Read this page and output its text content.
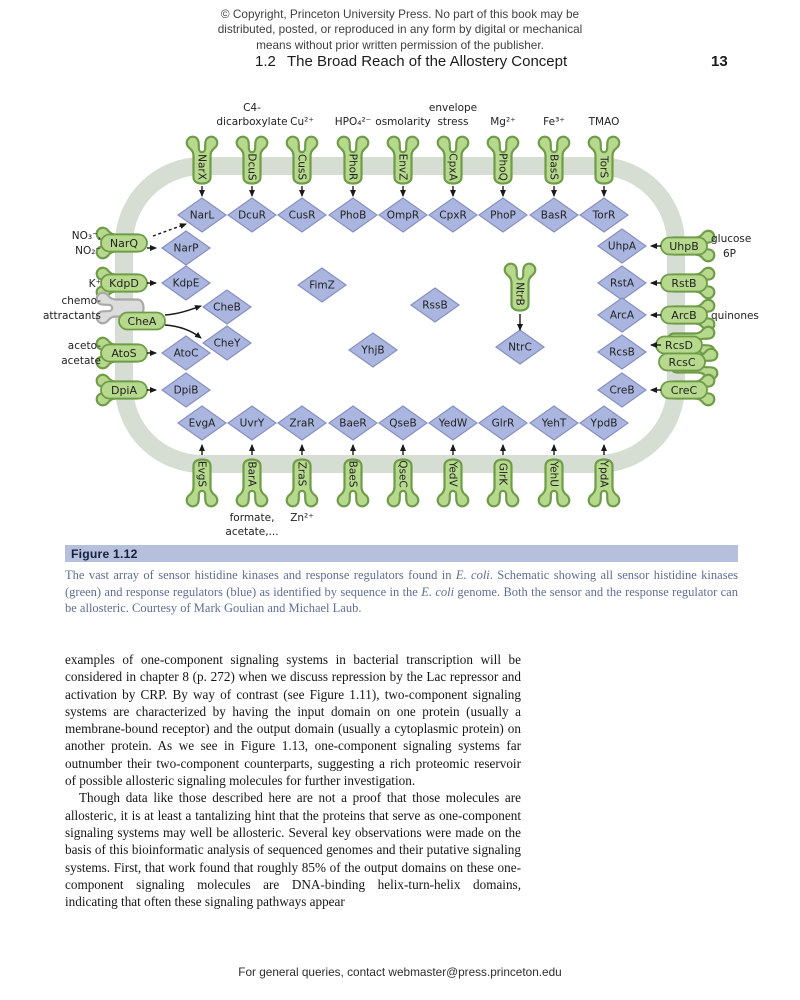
© Copyright, Princeton University Press. No part of this book may be
distributed, posted, or reproduced in any form by digital or mechanical
means without prior written permission of the publisher.
1.2 The Broad Reach of the Allostery Concept	13
NarX
NarL
C4-
dicarboxylate
DcuS
DcuR
Cu²⁺
CusS
CusR
HPO₄²⁻
PhoR
PhoB
osmolarity
EnvZ
OmpR
envelope
stress
CpxA
CpxR
Mg²⁺
PhoQ
PhoP
Fe³⁺
BasS
BasR
TMAO
TorS
TorR
EvgS
EvgA
BarA
UvrY
formate,
acetate,...
ZraS
ZraR
Zn²⁺
BaeS
BaeR
QseC
QseB
YedV
YedW
GlrK
GlrR
YehU
YehT
YpdA
YpdB
NarQ
NO₃⁻,
NO₂⁻	NarP
KdpD
K⁺	KdpE
CheA
chemo-
attractants
CheB
CheY
AtoS
aceto-
acetate
AtoC
DpiA	DpiB
UhpB
UhpA
glucose
6P
RstB
RstA
ArcB
ArcA	quinones
RcsD
RcsC
RcsB
CreC
CreB
FimZ
RssB
YhjB	NtrC
NtrB
Figure 1.12
The vast array of sensor histidine kinases and response regulators found in E. coli. Schematic showing all sensor histidine kinases (green) and response regulators (blue) as identified by sequence in the E. coli genome. Both the sensor and the response regulator can be allosteric. Courtesy of Mark Goulian and Michael Laub.

examples of one-component signaling systems in bacterial transcription will be considered in chapter 8 (p. 272) when we discuss repression by the Lac repressor and activation by CRP. By way of contrast (see Figure 1.11), two-component signaling systems are characterized by having the input domain on one protein (usually a membrane-bound receptor) and the output domain (usually a cytoplasmic protein) on another protein. As we see in Figure 1.13, one-component signaling systems far outnumber their two-component counterparts, suggesting a rich proteomic reservoir of possible allosteric signaling molecules for further investigation.

Though data like those described here are not a proof that those molecules are allosteric, it is at least a tantalizing hint that the proteins that serve as one-component signaling systems may well be allosteric. Several key observations were made on the basis of this bioinformatic analysis of sequenced genomes and their putative signaling systems. First, that work found that roughly 85% of the output domains on these one-component signaling molecules are DNA-binding helix-turn-helix domains, indicating that often these signaling pathways appear

For general queries, contact webmaster@press.princeton.edu
